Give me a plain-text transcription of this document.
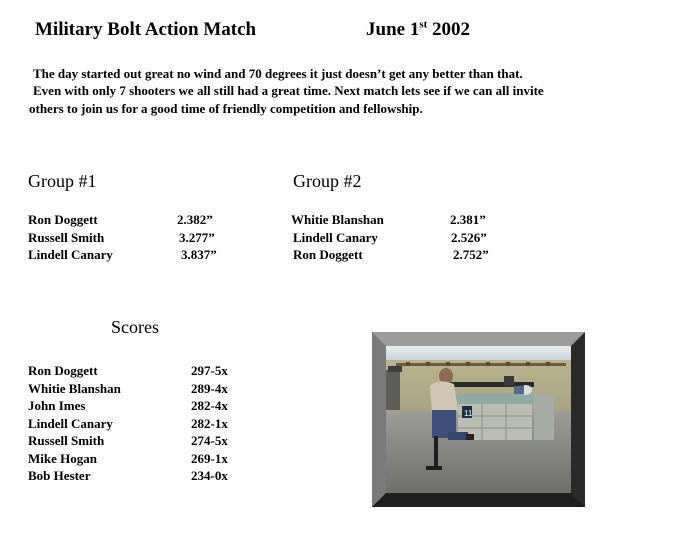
Military Bolt Action Match	June 1st 2002
The day started out great no wind and 70 degrees it just doesn’t get any better than that.
Even with only 7 shooters we all still had a great time. Next match lets see if we can all invite
others to join us for a good time of friendly competition and fellowship.
Group #1
Ron Doggett	2.382”
Russell Smith	3.277”
Lindell Canary	3.837”
Group #2
Whitie Blanshan	2.381”
Lindell Canary	2.526”
Ron Doggett	2.752”
Scores
Ron Doggett	297-5x
Whitie Blanshan	289-4x
John Imes	282-4x
Lindell Canary	282-1x
Russell Smith	274-5x
Mike Hogan	269-1x
Bob Hester	234-0x
11
